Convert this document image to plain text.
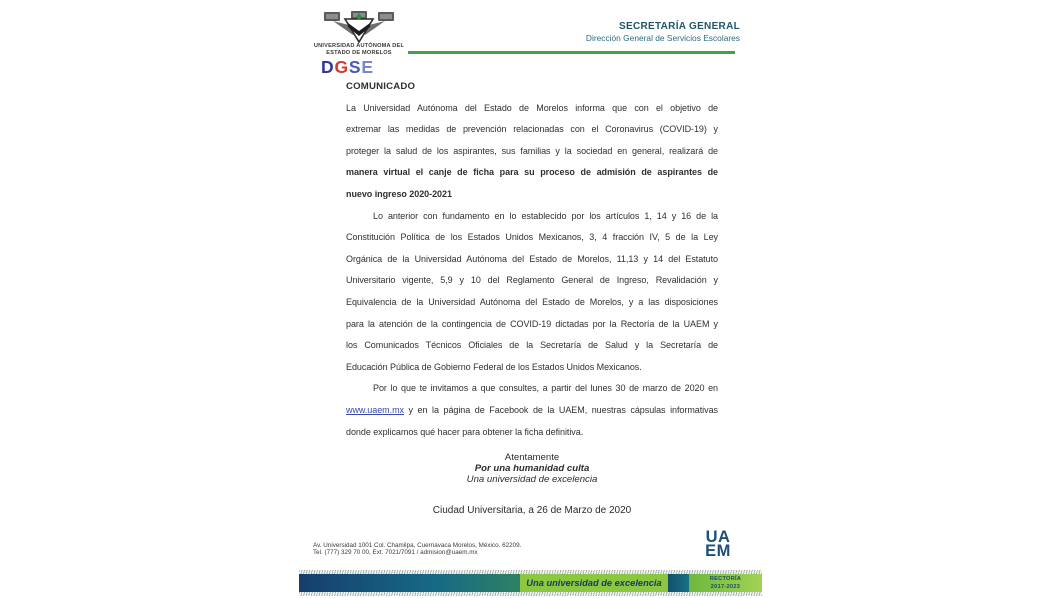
UNIVERSIDAD AUTÓNOMA DEL
ESTADO DE MORELOS
SECRETARÍA GENERAL
Dirección General de Servicios Escolares
DGSE
COMUNICADO
La Universidad Autónoma del Estado de Morelos informa que con el objetivo de
extremar las medidas de prevención relacionadas con el Coronavirus (COVID-19) y
proteger la salud de los aspirantes, sus familias y la sociedad en general, realizará de
manera virtual el canje de ficha para su proceso de admisión de aspirantes de
nuevo ingreso 2020-2021
Lo anterior con fundamento en lo establecido por los artículos 1, 14 y 16 de la
Constitución Política de los Estados Unidos Mexicanos, 3, 4 fracción IV, 5 de la Ley
Orgánica de la Universidad Autónoma del Estado de Morelos, 11,13 y 14 del Estatuto
Universitario vigente, 5,9 y 10 del Reglamento General de Ingreso, Revalidación y
Equivalencia de la Universidad Autónoma del Estado de Morelos, y a las disposiciones
para la atención de la contingencia de COVID-19 dictadas por la Rectoría de la UAEM y
los Comunicados Técnicos Oficiales de la Secretaría de Salud y la Secretaría de
Educación Pública de Gobierno Federal de los Estados Unidos Mexicanos.
Por lo que te invitamos a que consultes, a partir del lunes 30 de marzo de 2020 en
www.uaem.mx y en la página de Facebook de la UAEM, nuestras cápsulas informativas
donde explicamos qué hacer para obtener la ficha definitiva.
Atentamente
Por una humanidad culta
Una universidad de excelencia
Ciudad Universitaria, a 26 de Marzo de 2020
Av. Universidad 1001 Col. Chamilpa, Cuernavaca Morelos, México. 62209.
Tel. (777) 329 70 00, Ext. 7021/7091 / admision@uaem.mx
UA
EM
Una universidad de excelencia	RECTORÍA
2017-2023
